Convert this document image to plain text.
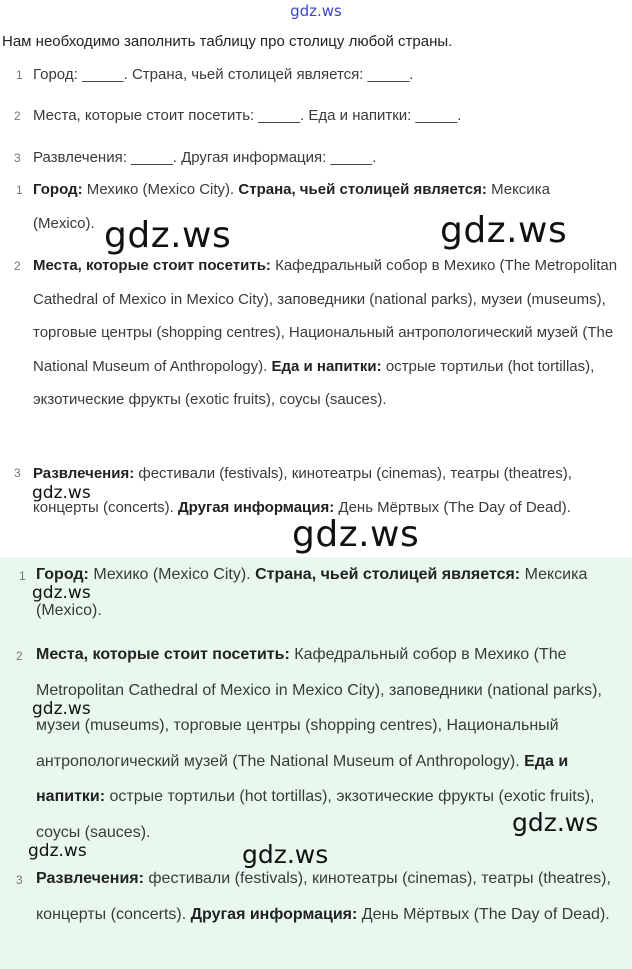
gdz.ws
Нам необходимо заполнить таблицу про столицу любой страны.
1 Город: _____. Страна, чьей столицей является: _____.
2 Места, которые стоит посетить: _____. Еда и напитки: _____.
3 Развлечения: _____. Другая информация: _____.
1 Город: Мехико (Mexico City). Страна, чьей столицей является: Мексика (Mexico).
2 Места, которые стоит посетить: Кафедральный собор в Мехико (The Metropolitan Cathedral of Mexico in Mexico City), заповедники (national parks), музеи (museums), торговые центры (shopping centres), Национальный антропологический музей (The National Museum of Anthropology). Еда и напитки: острые тортильи (hot tortillas), экзотические фрукты (exotic fruits), соусы (sauces).
3 Развлечения: фестивали (festivals), кинотеатры (cinemas), театры (theatres), концерты (concerts). Другая информация: День Мёртвых (The Day of Dead).
1 Город: Мехико (Mexico City). Страна, чьей столицей является: Мексика (Mexico).
2 Места, которые стоит посетить: Кафедральный собор в Мехико (The Metropolitan Cathedral of Mexico in Mexico City), заповедники (national parks), музеи (museums), торговые центры (shopping centres), Национальный антропологический музей (The National Museum of Anthropology). Еда и напитки: острые тортильи (hot tortillas), экзотические фрукты (exotic fruits), соусы (sauces).
3 Развлечения: фестивали (festivals), кинотеатры (cinemas), театры (theatres), концерты (concerts). Другая информация: День Мёртвых (The Day of Dead).
gdz.ws	gdz.ws
gdz.ws
gdz.ws
gdz.ws
gdz.ws
gdz.ws
gdz.ws	gdz.ws
